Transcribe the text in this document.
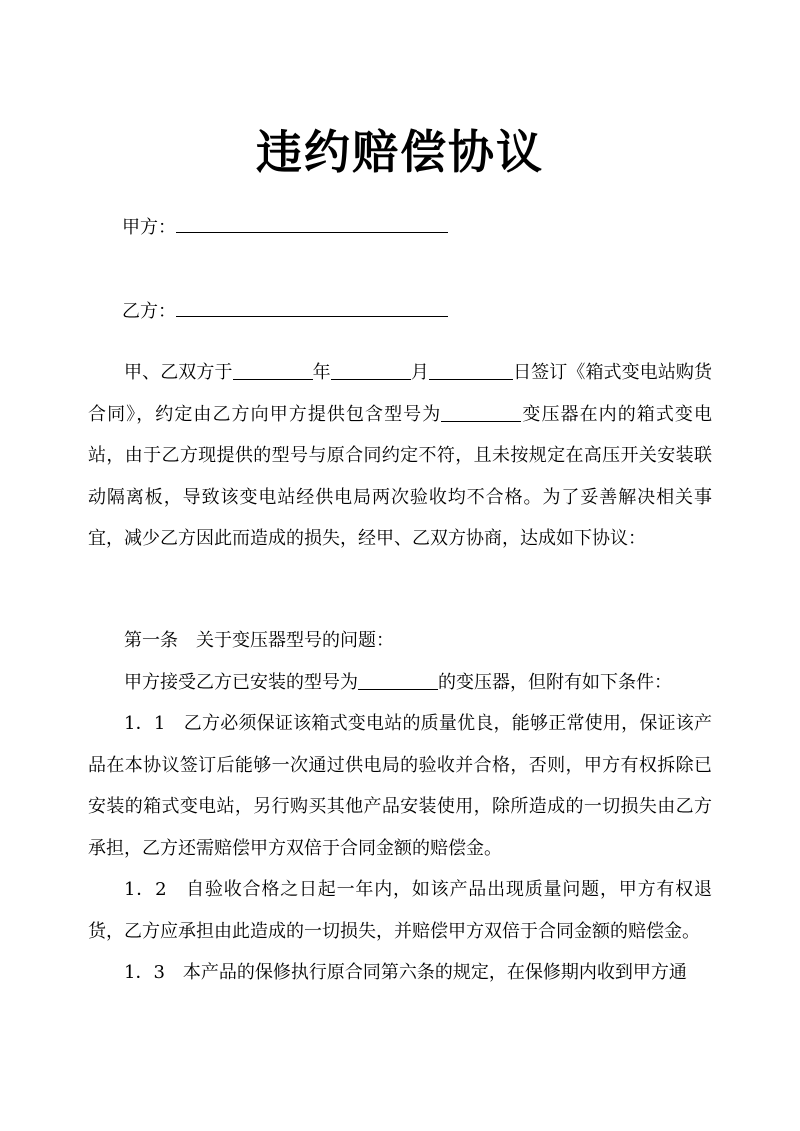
违约赔偿协议
甲方：
乙方：

甲、乙双方于	年	月	日签订《箱式变电站购货合同》，约定由乙方向甲方提供包含型号为	变压器在内的箱式变电站，由于乙方现提供的型号与原合同约定不符，且未按规定在高压开关安装联动隔离板，导致该变电站经供电局两次验收均不合格。为了妥善解决相关事宜，减少乙方因此而造成的损失，经甲、乙双方协商，达成如下协议：

第一条　关于变压器型号的问题：

甲方接受乙方已安装的型号为	的变压器，但附有如下条件：

1．1　乙方必须保证该箱式变电站的质量优良，能够正常使用，保证该产品在本协议签订后能够一次通过供电局的验收并合格，否则，甲方有权拆除已安装的箱式变电站，另行购买其他产品安装使用，除所造成的一切损失由乙方承担，乙方还需赔偿甲方双倍于合同金额的赔偿金。

1．2　自验收合格之日起一年内，如该产品出现质量问题，甲方有权退货，乙方应承担由此造成的一切损失，并赔偿甲方双倍于合同金额的赔偿金。

1．3　本产品的保修执行原合同第六条的规定，在保修期内收到甲方通
